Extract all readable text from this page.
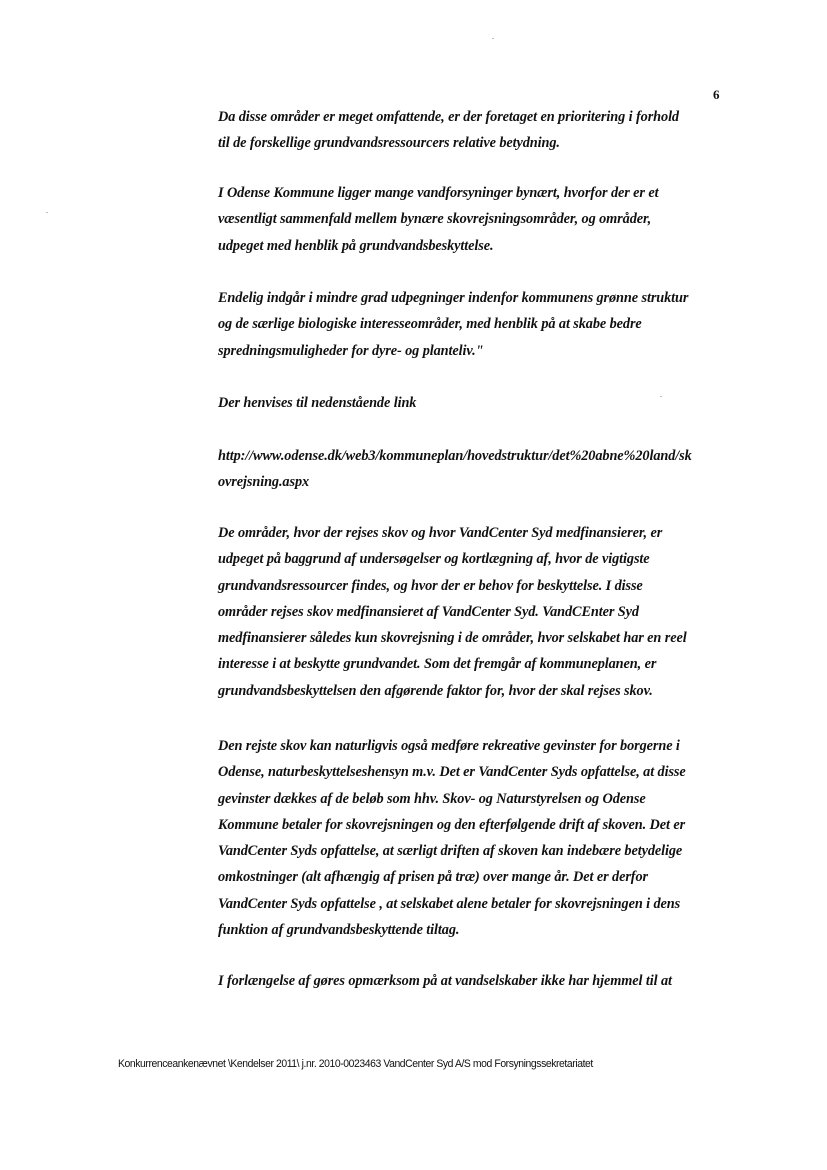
6
Da disse områder er meget omfattende, er der foretaget en prioritering i forhold
til de forskellige grundvandsressourcers relative betydning.
I Odense Kommune ligger mange vandforsyninger bynært, hvorfor der er et
væsentligt sammenfald mellem bynære skovrejsningsområder, og områder,
udpeget med henblik på grundvandsbeskyttelse.
Endelig indgår i mindre grad udpegninger indenfor kommunens grønne struktur
og de særlige biologiske interesseområder, med henblik på at skabe bedre
spredningsmuligheder for dyre- og planteliv."
Der henvises til nedenstående link
http://www.odense.dk/web3/kommuneplan/hovedstruktur/det%20abne%20land/sk
ovrejsning.aspx
De områder, hvor der rejses skov og hvor VandCenter Syd medfinansierer, er
udpeget på baggrund af undersøgelser og kortlægning af, hvor de vigtigste
grundvandsressourcer findes, og hvor der er behov for beskyttelse. I disse
områder rejses skov medfinansieret af VandCenter Syd. VandCEnter Syd
medfinansierer således kun skovrejsning i de områder, hvor selskabet har en reel
interesse i at beskytte grundvandet. Som det fremgår af kommuneplanen, er
grundvandsbeskyttelsen den afgørende faktor for, hvor der skal rejses skov.
Den rejste skov kan naturligvis også medføre rekreative gevinster for borgerne i
Odense, naturbeskyttelseshensyn m.v. Det er VandCenter Syds opfattelse, at disse
gevinster dækkes af de beløb som hhv. Skov- og Naturstyrelsen og Odense
Kommune betaler for skovrejsningen og den efterfølgende drift af skoven. Det er
VandCenter Syds opfattelse, at særligt driften af skoven kan indebære betydelige
omkostninger (alt afhængig af prisen på træ) over mange år. Det er derfor
VandCenter Syds opfattelse , at selskabet alene betaler for skovrejsningen i dens
funktion af grundvandsbeskyttende tiltag.
I forlængelse af gøres opmærksom på at vandselskaber ikke har hjemmel til at
Konkurrenceankenævnet \Kendelser 2011\ j.nr. 2010-0023463 VandCenter Syd A/S mod Forsyningssekretariatet
